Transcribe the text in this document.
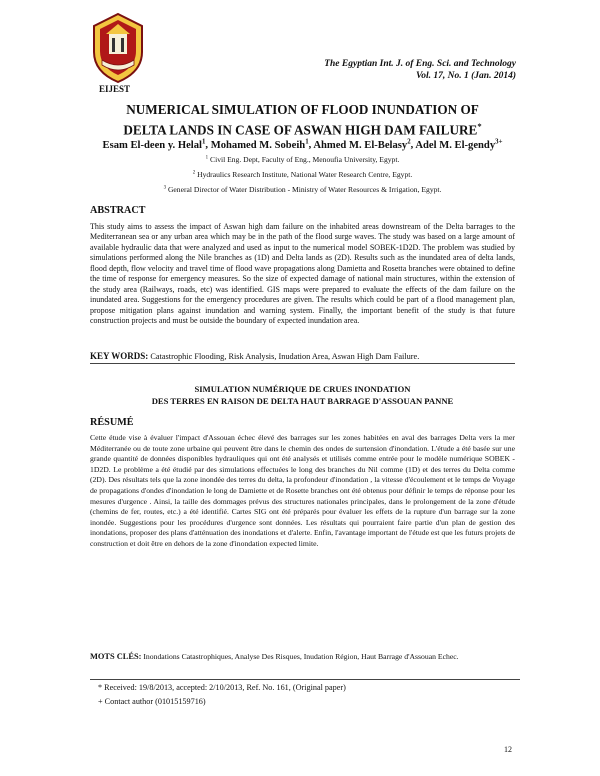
EIJEST
The Egyptian Int. J. of Eng. Sci. and Technology
Vol. 17, No. 1 (Jan. 2014)
NUMERICAL SIMULATION OF FLOOD INUNDATION OF
DELTA LANDS IN CASE OF ASWAN HIGH DAM FAILURE*
Esam El-deen y. Helal$^1$, Mohamed M. Sobeih$^1$, Ahmed M. El-Belasy$^2$, Adel M. El-gendy$^{3+}$
$^1$ Civil Eng. Dept, Faculty of Eng., Menoufia University, Egypt.
$^2$ Hydraulics Research Institute, National Water Research Centre, Egypt.
$^3$ General Director of Water Distribution - Ministry of Water Resources & Irrigation, Egypt.
ABSTRACT

This study aims to assess the impact of Aswan high dam failure on the inhabited areas downstream of the Delta barrages to the Mediterranean sea or any urban area which may be in the path of the flood surge waves. The study was based on a large amount of available hydraulic data that were analyzed and used as input to the numerical model SOBEK-1D2D. The problem was studied by simulations performed along the Nile branches as (1D) and Delta lands as (2D). Results such as the inundated area of delta lands, flood depth, flow velocity and travel time of flood wave propagations along Damietta and Rosetta branches were obtained to define the time of response for emergency measures. So the size of expected damage of national main structures, within the extension of the study area (Railways, roads, etc) was identified. GIS maps were prepared to evaluate the effects of the dam failure on the inundated area. Suggestions for the emergency procedures are given. The results which could be part of a flood management plan, propose mitigation plans against inundation and warning system. Finally, the important benefit of the study is that future construction projects and must be outside the boundary of expected inundation area.

KEY WORDS: Catastrophic Flooding, Risk Analysis, Inudation Area, Aswan High Dam Failure.
SIMULATION NUMÉRIQUE DE CRUES INONDATION
DES TERRES EN RAISON DE DELTA HAUT BARRAGE D'ASSOUAN PANNE
RÉSUMÉ

Cette étude vise à évaluer l'impact d'Assouan échec élevé des barrages sur les zones habitées en aval des barrages Delta vers la mer Méditerranée ou de toute zone urbaine qui peuvent être dans le chemin des ondes de surtension d'inondation. L'étude a été basée sur une grande quantité de données disponibles hydrauliques qui ont été analysés et utilisés comme entrée pour le modèle numérique SOBEK - 1D2D. Le problème a été étudié par des simulations effectuées le long des branches du Nil comme (1D) et des terres du Delta comme (2D). Des résultats tels que la zone inondée des terres du delta, la profondeur d'inondation , la vitesse d'écoulement et le temps de Voyage de propagations d'ondes d'inondation le long de Damiette et de Rosette branches ont été obtenus pour définir le temps de réponse pour les mesures d'urgence . Ainsi, la taille des dommages prévus des structures nationales principales, dans le prolongement de la zone d'étude (chemins de fer, routes, etc.) a été identifié. Cartes SIG ont été préparés pour évaluer les effets de la rupture d'un barrage sur la zone inondée. Suggestions pour les procédures d'urgence sont données. Les résultats qui pourraient faire partie d'un plan de gestion des inondations, proposer des plans d'atténuation des inondations et d'alerte. Enfin, l'avantage important de l'étude est que les futurs projets de construction et doit être en dehors de la zone d'inondation expected limite.

MOTS CLÉS: Inondations Catastrophiques, Analyse Des Risques, Inudation Région, Haut Barrage d'Assouan Echec.
* Received: 19/8/2013, accepted: 2/10/2013, Ref. No. 161, (Original paper)
+ Contact author (01015159716)
12
